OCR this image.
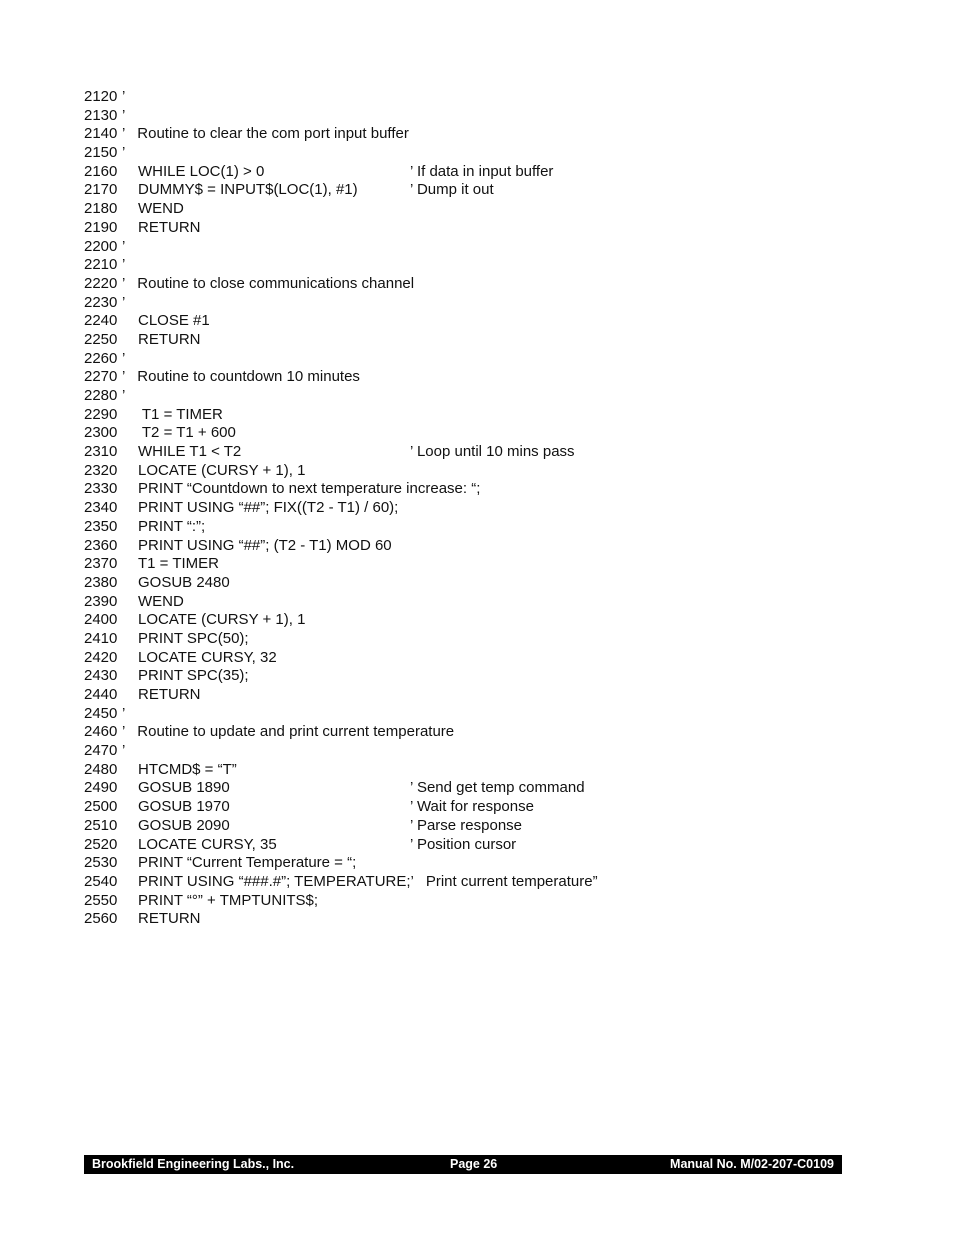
2120 ’
2130 ’
2140 ’   Routine to clear the com port input buffer
2150 ’
2160 WHILE LOC(1) > 0	’ If data in input buffer
2170 DUMMY$ = INPUT$(LOC(1), #1)	’ Dump it out
2180 WEND
2190 RETURN
2200 ’
2210 ’
2220 ’   Routine to close communications channel
2230 ’
2240 CLOSE #1
2250 RETURN
2260 ’
2270 ’   Routine to countdown 10 minutes
2280 ’
2290 T1 = TIMER
2300 T2 = T1 + 600
2310 WHILE T1 < T2	’ Loop until 10 mins pass
2320 LOCATE (CURSY + 1), 1
2330 PRINT “Countdown to next temperature increase: “;
2340 PRINT USING “##”; FIX((T2 - T1) / 60);
2350 PRINT “:”;
2360 PRINT USING “##”; (T2 - T1) MOD 60
2370 T1 = TIMER
2380 GOSUB 2480
2390 WEND
2400 LOCATE (CURSY + 1), 1
2410 PRINT SPC(50);
2420 LOCATE CURSY, 32
2430 PRINT SPC(35);
2440 RETURN
2450 ’
2460 ’   Routine to update and print current temperature
2470 ’
2480 HTCMD$ = “T”
2490 GOSUB 1890	’ Send get temp command
2500 GOSUB 1970	’ Wait for response
2510 GOSUB 2090	’ Parse response
2520 LOCATE CURSY, 35	’ Position cursor
2530 PRINT “Current Temperature = “;
2540 PRINT USING “###.#”; TEMPERATURE;’   Print current temperature”
2550 PRINT “°” + TMPTUNITS$;
2560 RETURN
Brookfield Engineering Labs., Inc.	Page 26	Manual No. M/02-207-C0109
